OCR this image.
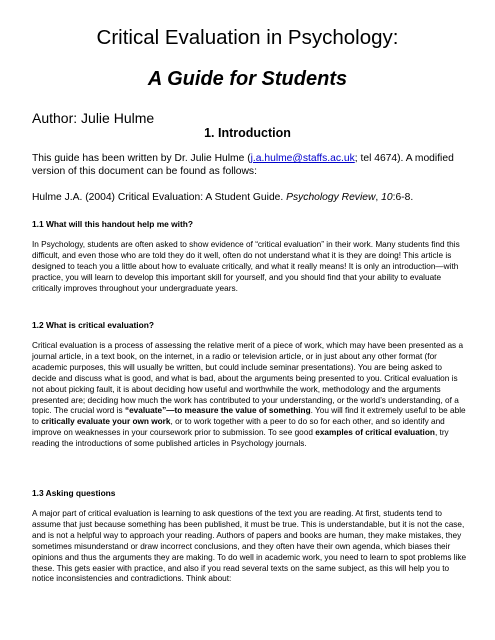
Critical Evaluation in Psychology:
A Guide for Students

Author: Julie Hulme

1. Introduction

This guide has been written by Dr. Julie Hulme (j.a.hulme@staffs.ac.uk; tel 4674). A modified version of this document can be found as follows:

Hulme J.A. (2004) Critical Evaluation: A Student Guide. Psychology Review, 10:6-8.

1.1 What will this handout help me with?

In Psychology, students are often asked to show evidence of “critical evaluation” in their work. Many students find this difficult, and even those who are told they do it well, often do not understand what it is they are doing! This article is designed to teach you a little about how to evaluate critically, and what it really means! It is only an introduction—with practice, you will learn to develop this important skill for yourself, and you should find that your ability to evaluate critically improves throughout your undergraduate years.

1.2 What is critical evaluation?

Critical evaluation is a process of assessing the relative merit of a piece of work, which may have been presented as a journal article, in a text book, on the internet, in a radio or television article, or in just about any other format (for academic purposes, this will usually be written, but could include seminar presentations). You are being asked to decide and discuss what is good, and what is bad, about the arguments being presented to you. Critical evaluation is not about picking fault, it is about deciding how useful and worthwhile the work, methodology and the arguments presented are; deciding how much the work has contributed to your understanding, or the world’s understanding, of a topic. The crucial word is “evaluate”—to measure the value of something. You will find it extremely useful to be able to critically evaluate your own work, or to work together with a peer to do so for each other, and so identify and improve on weaknesses in your coursework prior to submission. To see good examples of critical evaluation, try reading the introductions of some published articles in Psychology journals.

1.3 Asking questions

A major part of critical evaluation is learning to ask questions of the text you are reading. At first, students tend to assume that just because something has been published, it must be true. This is understandable, but it is not the case, and is not a helpful way to approach your reading. Authors of papers and books are human, they make mistakes, they sometimes misunderstand or draw incorrect conclusions, and they often have their own agenda, which biases their opinions and thus the arguments they are making. To do well in academic work, you need to learn to spot problems like these. This gets easier with practice, and also if you read several texts on the same subject, as this will help you to notice inconsistencies and contradictions. Think about:
